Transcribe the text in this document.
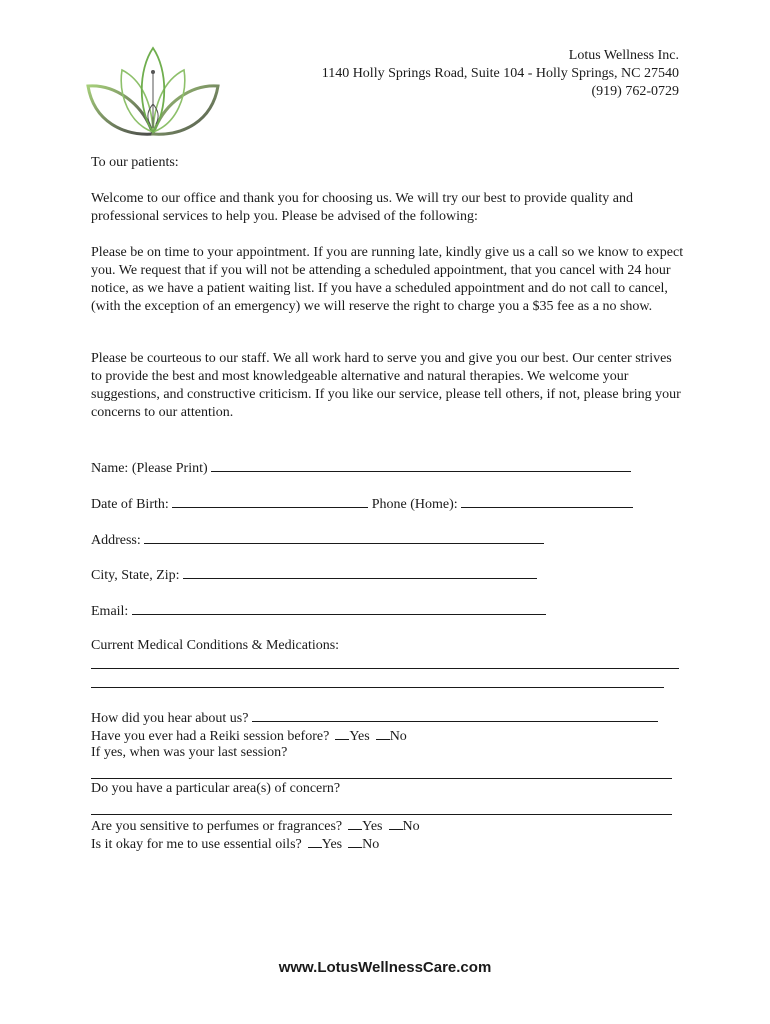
Lotus Wellness Inc.
1140 Holly Springs Road, Suite 104 - Holly Springs, NC 27540
(919) 762-0729
To our patients:

Welcome to our office and thank you for choosing us. We will try our best to provide quality and professional services to help you. Please be advised of the following:

Please be on time to your appointment. If you are running late, kindly give us a call so we know to expect you. We request that if you will not be attending a scheduled appointment, that you cancel with 24 hour notice, as we have a patient waiting list. If you have a scheduled appointment and do not call to cancel, (with the exception of an emergency) we will reserve the right to charge you a $35 fee as a no show.

Please be courteous to our staff. We all work hard to serve you and give you our best. Our center strives to provide the best and most knowledgeable alternative and natural therapies. We welcome your suggestions, and constructive criticism. If you like our service, please tell others, if not, please bring your concerns to our attention.

Name: (Please Print)
Date of Birth:	Phone (Home):
Address:
City, State, Zip:
Email:
Current Medical Conditions & Medications:
How did you hear about us?
Have you ever had a Reiki session before? Yes No
If yes, when was your last session?
Do you have a particular area(s) of concern?
Are you sensitive to perfumes or fragrances? Yes No
Is it okay for me to use essential oils? Yes No
www.LotusWellnessCare.com
